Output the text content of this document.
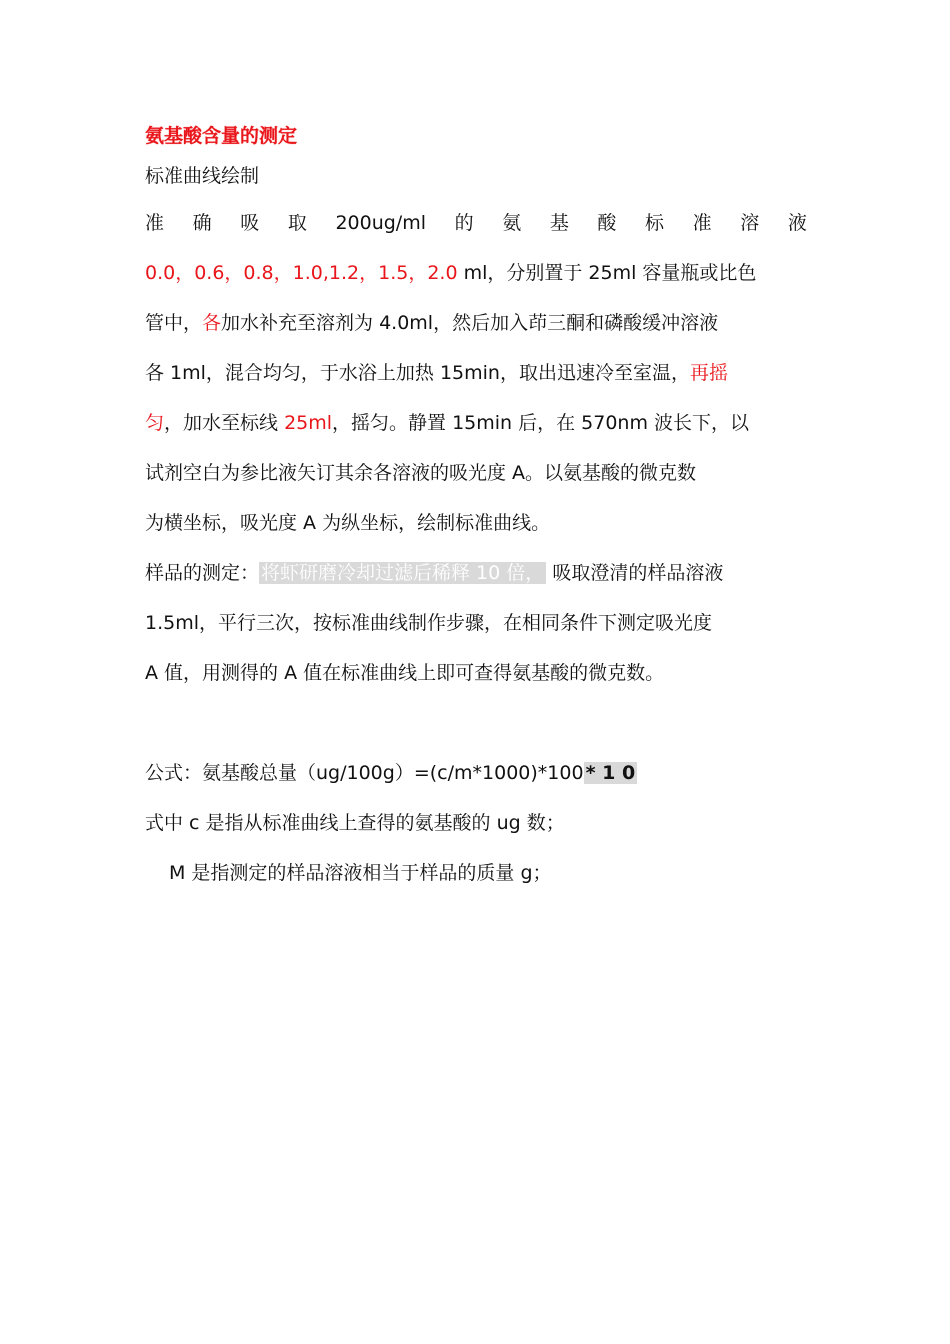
氨基酸含量的测定
标准曲线绘制
准 确 吸 取 200ug/ml 的 氨 基 酸 标 准 溶 液
0.0，0.6，0.8，1.0,1.2，1.5，2.0 ml，分别置于 25ml 容量瓶或比色
管中，各加水补充至溶剂为 4.0ml，然后加入茚三酮和磷酸缓冲溶液
各 1ml，混合均匀，于水浴上加热 15min，取出迅速冷至室温，再摇
匀，加水至标线 25ml，摇匀。静置 15min 后，在 570nm 波长下，以
试剂空白为参比液矢订其余各溶液的吸光度 A。以氨基酸的微克数
为横坐标，吸光度 A 为纵坐标，绘制标准曲线。
样品的测定： 将虾研磨冷却过滤后稀释 10 倍， 吸取澄清的样品溶液
1.5ml，平行三次，按标准曲线制作步骤，在相同条件下测定吸光度
A 值，用测得的 A 值在标准曲线上即可查得氨基酸的微克数。
公式：氨基酸总量（ug/100g）=(c/m*1000)*100 * 1 0
式中 c 是指从标准曲线上查得的氨基酸的 ug 数；
M 是指测定的样品溶液相当于样品的质量 g；
